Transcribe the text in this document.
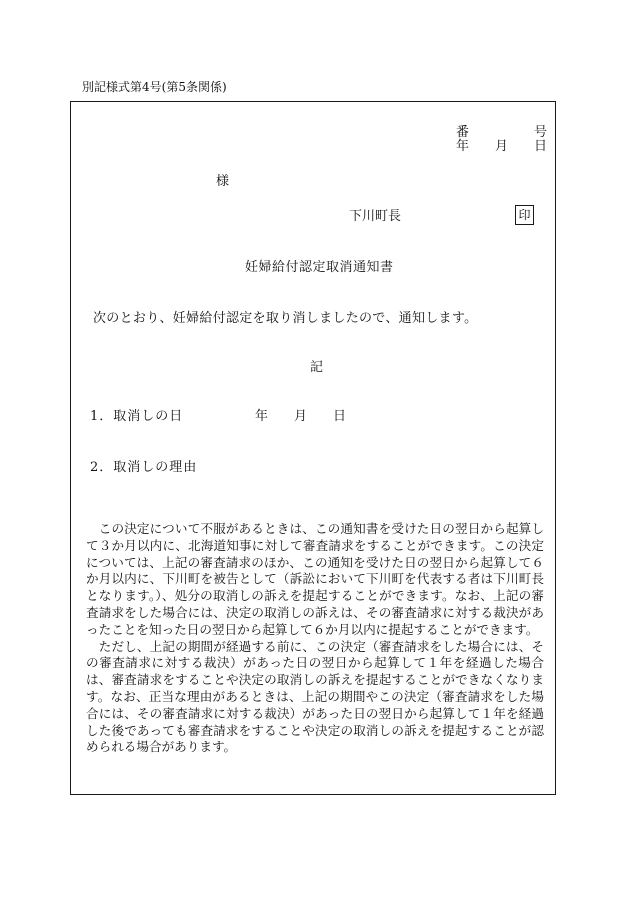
別記様式第4号(第5条関係)
番	号
年 月 日
様
下川町長	印
妊婦給付認定取消通知書
次のとおり、妊婦給付認定を取り消しましたので、通知します。
記
1．取消しの日	年 月 日
2．取消しの理由

　この決定について不服があるときは、この通知書を受けた日の翌日から起算して３か月以内に、北海道知事に対して審査請求をすることができます。この決定については、上記の審査請求のほか、この通知を受けた日の翌日から起算して６か月以内に、下川町を被告として（訴訟において下川町を代表する者は下川町長となります。）、処分の取消しの訴えを提起することができます。なお、上記の審査請求をした場合には、決定の取消しの訴えは、その審査請求に対する裁決があったことを知った日の翌日から起算して６か月以内に提起することができます。

　ただし、上記の期間が経過する前に、この決定（審査請求をした場合には、その審査請求に対する裁決）があった日の翌日から起算して１年を経過した場合は、審査請求をすることや決定の取消しの訴えを提起することができなくなります。なお、正当な理由があるときは、上記の期間やこの決定（審査請求をした場合には、その審査請求に対する裁決）があった日の翌日から起算して１年を経過した後であっても審査請求をすることや決定の取消しの訴えを提起することが認められる場合があります。
